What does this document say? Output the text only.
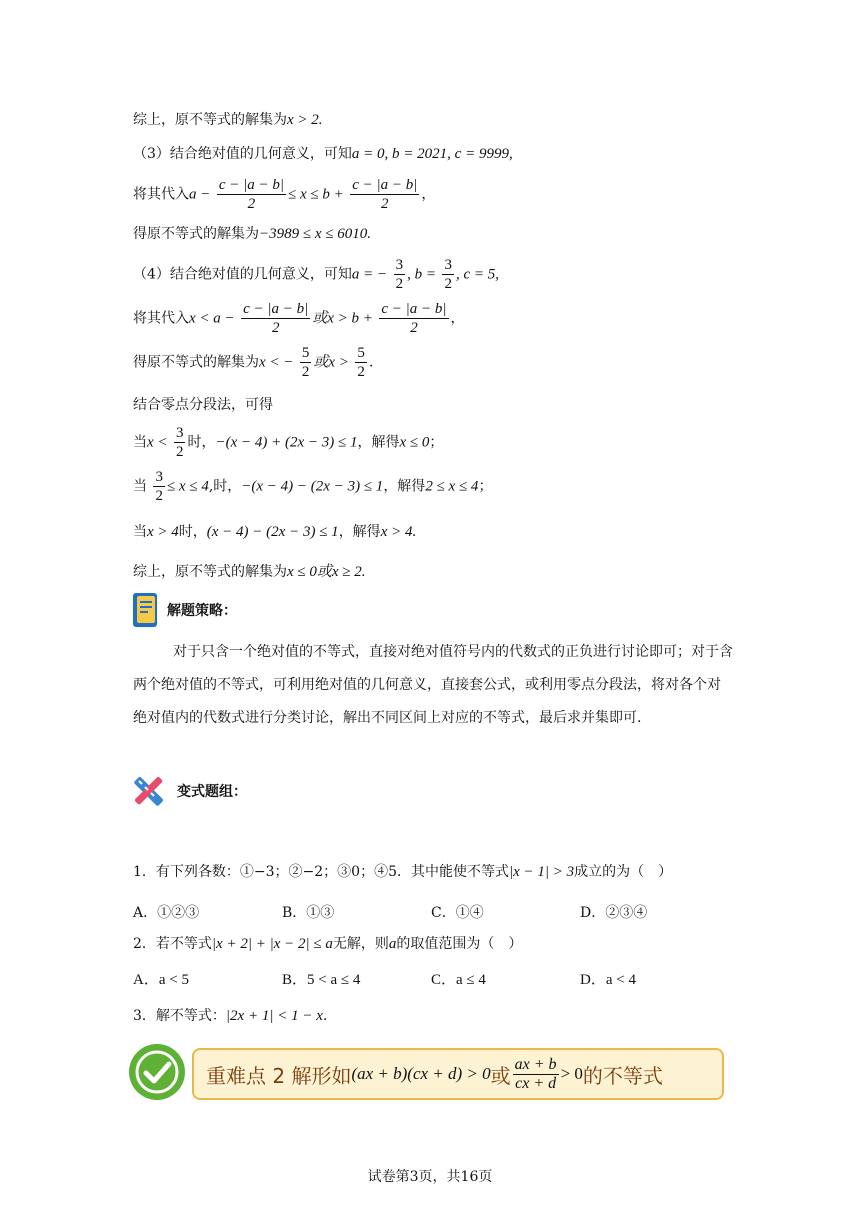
综上，原不等式的解集为x > 2.
（3）结合绝对值的几何意义，可知a = 0, b = 2021, c = 9999,
将其代入$a - \frac{c - |a - b|}{2} \le x \le b + \frac{c - |a - b|}{2}$ ，
得原不等式的解集为−3989 ≤ x ≤ 6010.
（4）结合绝对值的几何意义，可知a = − $\frac{3}{2}$ , $b = \frac{3}{2}$ , c = 5,
将其代入$x < a - \frac{c - |a - b|}{2}$ 或$x > b + \frac{c - |a - b|}{2}$ ，
得原不等式的解集为x < − $\frac{5}{2}$ 或$x > \frac{5}{2}$ .
结合零点分段法，可得
当$x < \frac{3}{2}$ 时，−(x − 4) + (2x − 3) ≤ 1，解得x ≤ 0；
当 $\frac{3}{2} \le x \le 4$,时，−(x − 4) − (2x − 3) ≤ 1，解得2 ≤ x ≤ 4；
当x > 4时，(x − 4) − (2x − 3) ≤ 1，解得x > 4.
综上，原不等式的解集为x ≤ 0或x ≥ 2.
解题策略：
对于只含一个绝对值的不等式，直接对绝对值符号内的代数式的正负进行讨论即可；对于含两个绝对值的不等式，可利用绝对值的几何意义，直接套公式，或利用零点分段法，将对各个对绝对值内的代数式进行分类讨论，解出不同区间上对应的不等式，最后求并集即可.
变式题组：
1．有下列各数：①−3；②−2；③0；④5．其中能使不等式|x − 1| > 3成立的为（　）
A．①②③	B．①③	C．①④	D．②③④
2．若不等式|x + 2| + |x − 2| ≤ a无解，则a的取值范围为（　）
A．a < 5	B．5 < a ≤ 4	C．a ≤ 4	D．a < 4
3．解不等式：|2x + 1| < 1 − x.
重难点 2 解形如 (ax + b)(cx + d) > 0 或 $\frac{ax + b}{cx + d} > 0$ 的不等式
试卷第3页，共16页
